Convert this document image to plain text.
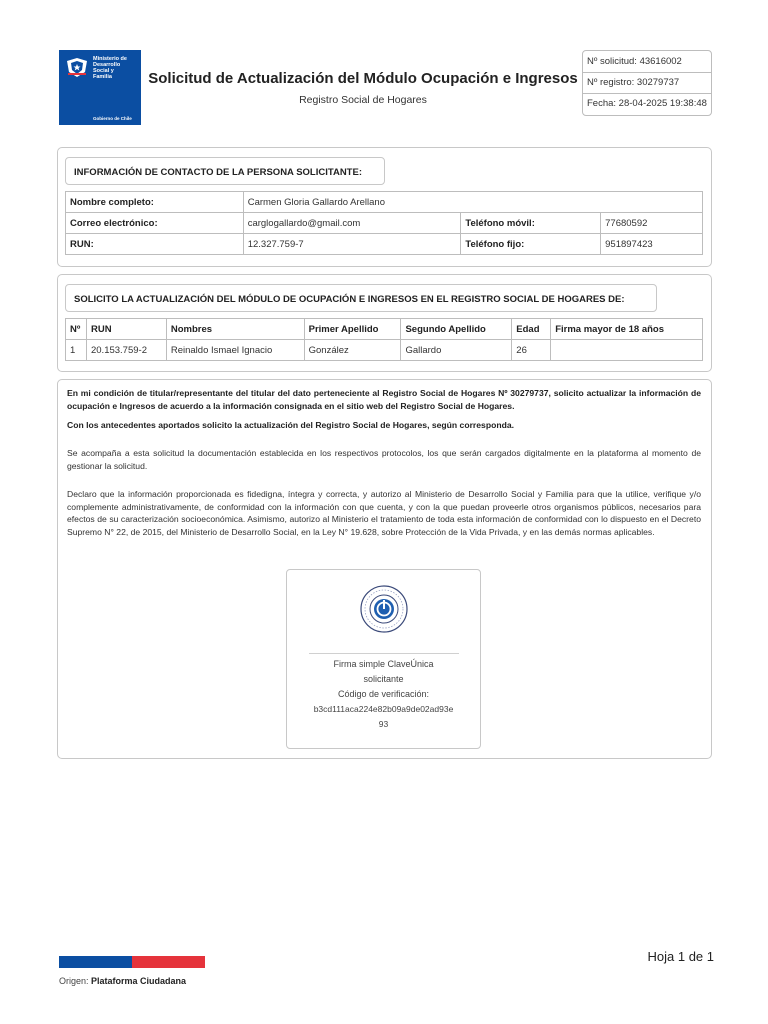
Ministerio de
Desarrollo
Social y
Familia
Gobierno de Chile
Solicitud de Actualización del Módulo Ocupación e Ingresos
Registro Social de Hogares
Nº solicitud: 43616002
Nº registro: 30279737
Fecha: 28-04-2025 19:38:48
INFORMACIÓN DE CONTACTO DE LA PERSONA SOLICITANTE:
Nombre completo:	Carmen Gloria Gallardo Arellano		
Correo electrónico:	carglogallardo@gmail.com	Teléfono móvil:	77680592
RUN:	12.327.759-7	Teléfono fijo:	951897423
SOLICITO LA ACTUALIZACIÓN DEL MÓDULO DE OCUPACIÓN E INGRESOS EN EL REGISTRO SOCIAL DE HOGARES DE:
Nº	RUN	Nombres	Primer Apellido	Segundo Apellido	Edad	Firma mayor de 18 años
1	20.153.759-2	Reinaldo Ismael Ignacio	González	Gallardo	26	
En mi condición de titular/representante del titular del dato perteneciente al Registro Social de Hogares Nº 30279737, solicito actualizar la información de ocupación e Ingresos de acuerdo a la información consignada en el sitio web del Registro Social de Hogares.
Con los antecedentes aportados solicito la actualización del Registro Social de Hogares, según corresponda.
Se acompaña a esta solicitud la documentación establecida en los respectivos protocolos, los que serán cargados digitalmente en la plataforma al momento de gestionar la solicitud.
Declaro que la información proporcionada es fidedigna, íntegra y correcta, y autorizo al Ministerio de Desarrollo Social y Familia para que la utilice, verifique y/o complemente administrativamente, de conformidad con la información con que cuenta, y con la que puedan proveerle otros organismos públicos, necesarios para efectos de su caracterización socioeconómica. Asimismo, autorizo al Ministerio el tratamiento de toda esta información de conformidad con lo dispuesto en el Decreto Supremo N° 22, de 2015, del Ministerio de Desarrollo Social, en la Ley N° 19.628, sobre Protección de la Vida Privada, y en las demás normas aplicables.
Firma simple ClaveÚnica
solicitante
Código de verificación:
b3cd111aca224e82b09a9de02ad93e
93
Origen: Plataforma Ciudadana
Hoja 1 de 1
